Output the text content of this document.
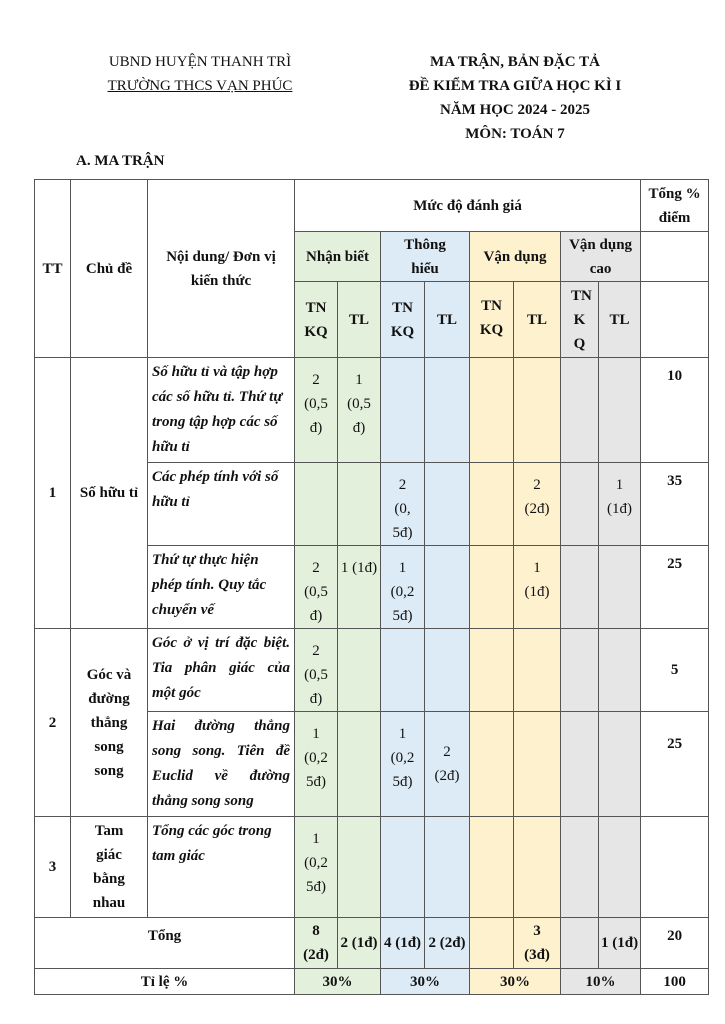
UBND HUYỆN THANH TRÌ
TRƯỜNG THCS VẠN PHÚC
MA TRẬN, BẢN ĐẶC TẢ
ĐỀ KIỂM TRA GIỮA HỌC KÌ I
NĂM HỌC 2024 - 2025
MÔN: TOÁN 7
A. MA TRẬN
TT	Chủ đề	Nội dung/ Đơn vị kiến thức	Mức độ đánh giá								Tổng % điểm
			Nhận biết		Thông hiểu		Vận dụng		Vận dụng cao		
			TN KQ	TL	TN KQ	TL	TN KQ	TL	TN K Q	TL	
1	Số hữu tỉ	Số hữu tỉ và tập hợp các số hữu tỉ. Thứ tự trong tập hợp các số hữu tỉ	2 (0,5 đ)	1 (0,5 đ)							10
		Các phép tính với số hữu tỉ			2 (0, 5đ)			2 (2đ)		1 (1đ)	35
		Thứ tự thực hiện phép tính. Quy tắc chuyển vế	2 (0,5 đ)	1 (1đ)	1 (0,2 5đ)			1 (1đ)			25
2	Góc và đường thẳng song song	Góc ở vị trí đặc biệt. Tia phân giác của một góc	2 (0,5 đ)								5
		Hai đường thẳng song song. Tiên đề Euclid về đường thẳng song song	1 (0,2 5đ)		1 (0,2 5đ)	2 (2đ)					25
3	Tam giác bằng nhau	Tổng các góc trong tam giác	1 (0,2 5đ)								
Tổng			8 (2đ)	2 (1đ)	4 (1đ)	2 (2đ)		3 (3đ)		1 (1đ)	20
Tỉ lệ %			30%		30%		30%		10%		100
